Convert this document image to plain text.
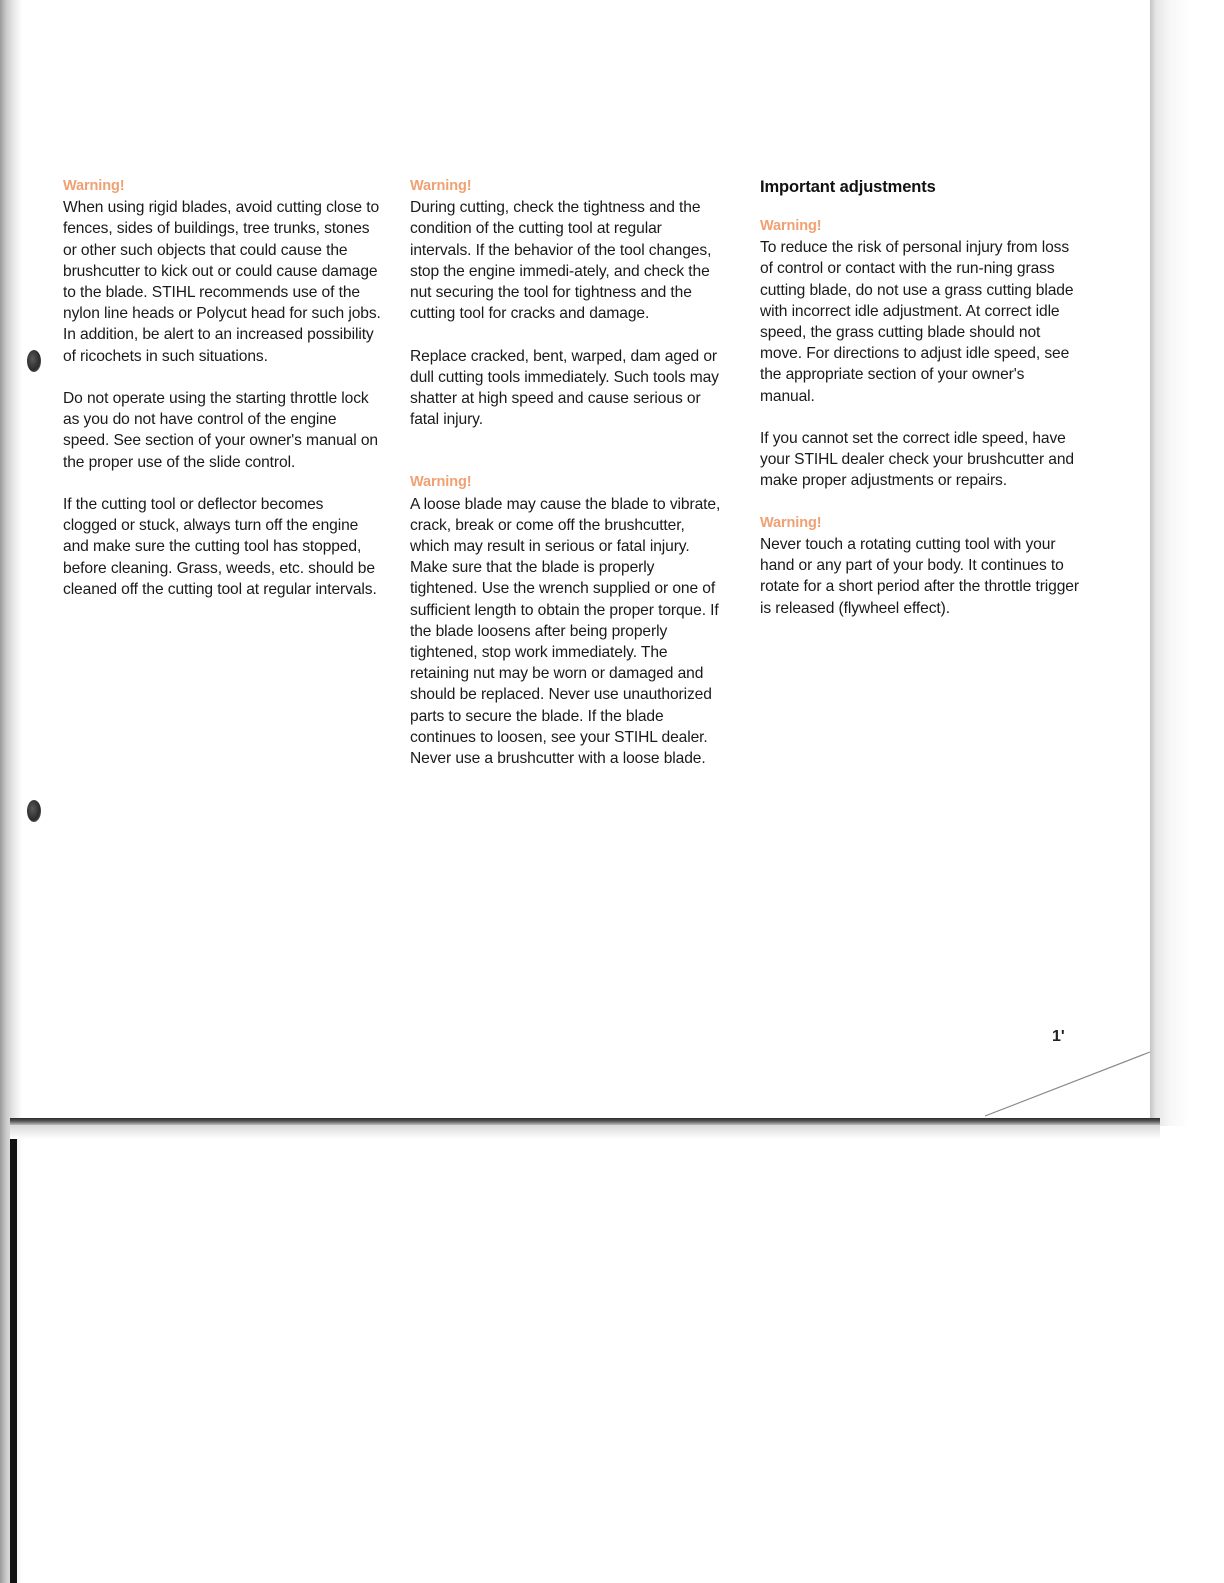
Warning!

When using rigid blades, avoid cutting close to fences, sides of buildings, tree trunks, stones or other such objects that could cause the brushcutter to kick out or could cause damage to the blade. STIHL recommends use of the nylon line heads or Polycut head for such jobs. In addition, be alert to an increased possibility of ricochets in such situations.

Do not operate using the starting throttle lock as you do not have control of the engine speed. See section of your owner's manual on the proper use of the slide control.

If the cutting tool or deflector becomes clogged or stuck, always turn off the engine and make sure the cutting tool has stopped, before cleaning. Grass, weeds, etc. should be cleaned off the cutting tool at regular intervals.

Warning!

During cutting, check the tightness and the condition of the cutting tool at regular intervals. If the behavior of the tool changes, stop the engine immedi-ately, and check the nut securing the tool for tightness and the cutting tool for cracks and damage.

Replace cracked, bent, warped, dam aged or dull cutting tools immediately. Such tools may shatter at high speed and cause serious or fatal injury.

Warning!

A loose blade may cause the blade to vibrate, crack, break or come off the brushcutter, which may result in serious or fatal injury. Make sure that the blade is properly tightened. Use the wrench supplied or one of sufficient length to obtain the proper torque. If the blade loosens after being properly tightened, stop work immediately. The retaining nut may be worn or damaged and should be replaced. Never use unauthorized parts to secure the blade. If the blade continues to loosen, see your STIHL dealer. Never use a brushcutter with a loose blade.

Important adjustments
Warning!

To reduce the risk of personal injury from loss of control or contact with the run-ning grass cutting blade, do not use a grass cutting blade with incorrect idle adjustment. At correct idle speed, the grass cutting blade should not move. For directions to adjust idle speed, see the appropriate section of your owner's manual.

If you cannot set the correct idle speed, have your STIHL dealer check your brushcutter and make proper adjustments or repairs.

Warning!

Never touch a rotating cutting tool with your hand or any part of your body. It continues to rotate for a short period after the throttle trigger is released (flywheel effect).

1'
